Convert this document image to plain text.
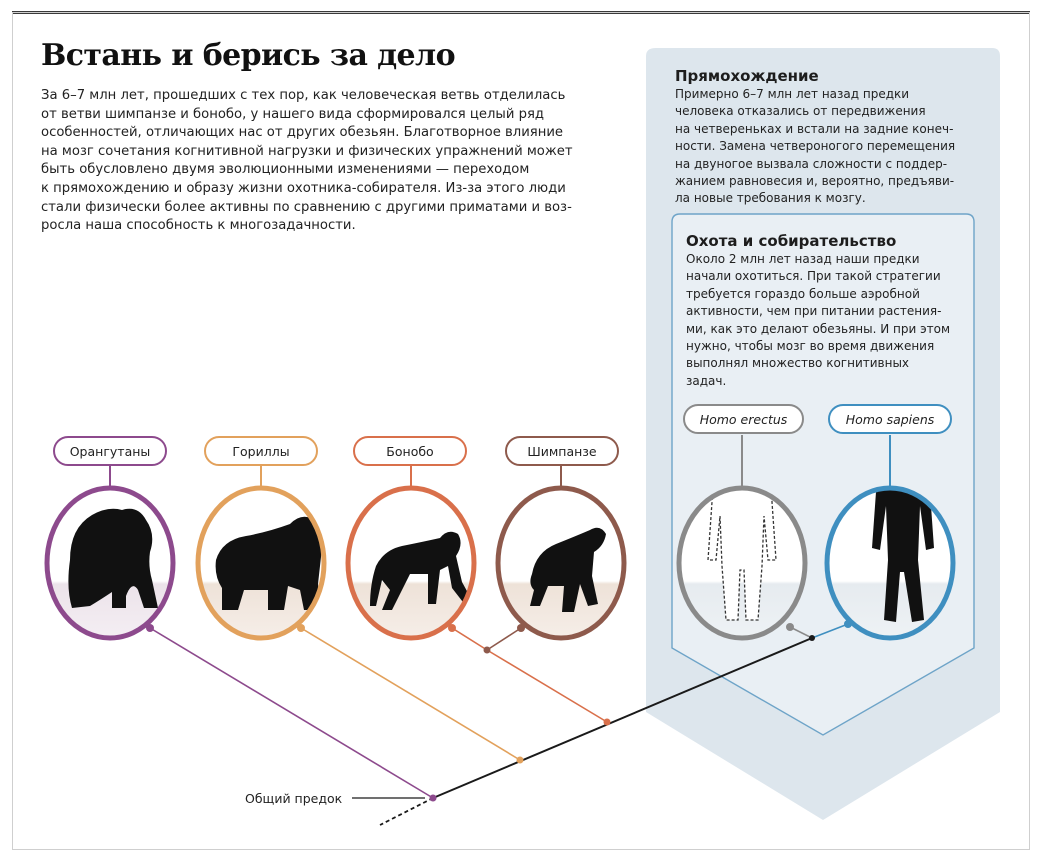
Встань и берись за дело
За 6–7 млн лет, прошедших с тех пор, как человеческая ветвь отделилась
от ветви шимпанзе и бонобо, у нашего вида сформировался целый ряд
особенностей, отличающих нас от других обезьян. Благотворное влияние
на мозг сочетания когнитивной нагрузки и физических упражнений может
быть обусловлено двумя эволюционными изменениями — переходом
к прямохождению и образу жизни охотника-собирателя. Из-за этого люди
стали физически более активны по сравнению с другими приматами и воз-
росла наша способность к многозадачности.
Прямохождение
Примерно 6–7 млн лет назад предки
человека отказались от передвижения
на четвереньках и встали на задние конеч-
ности. Замена четвероногого перемещения
на двуногое вызвала сложности с поддер-
жанием равновесия и, вероятно, предъяви-
ла новые требования к мозгу.
Охота и собирательство
Около 2 млн лет назад наши предки
начали охотиться. При такой стратегии
требуется гораздо больше аэробной
активности, чем при питании растения-
ми, как это делают обезьяны. И при этом
нужно, чтобы мозг во время движения
выполнял множество когнитивных
задач.
Орангутаны	Гориллы	Бонобо	Шимпанзе
Homo erectus	Homo sapiens
Общий предок
